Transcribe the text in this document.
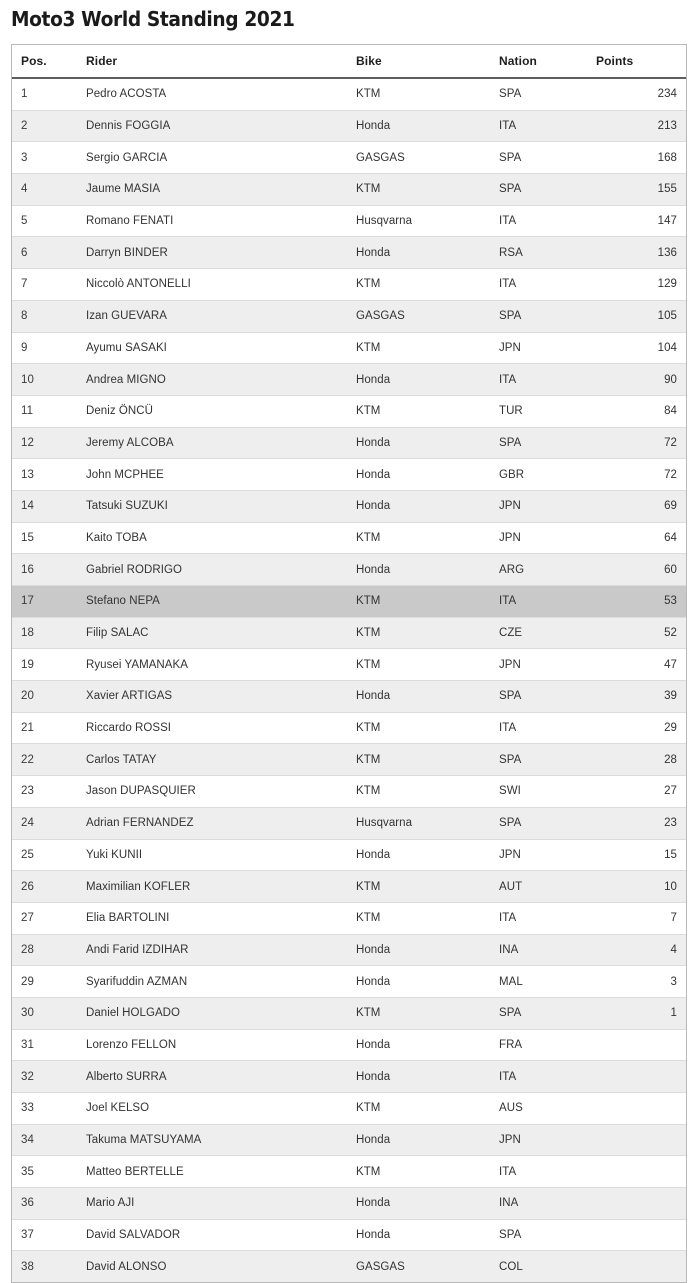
Moto3 World Standing 2021
Pos.	Rider	Bike	Nation	Points
1	Pedro ACOSTA	KTM	SPA	234
2	Dennis FOGGIA	Honda	ITA	213
3	Sergio GARCIA	GASGAS	SPA	168
4	Jaume MASIA	KTM	SPA	155
5	Romano FENATI	Husqvarna	ITA	147
6	Darryn BINDER	Honda	RSA	136
7	Niccolò ANTONELLI	KTM	ITA	129
8	Izan GUEVARA	GASGAS	SPA	105
9	Ayumu SASAKI	KTM	JPN	104
10	Andrea MIGNO	Honda	ITA	90
11	Deniz ÖNCÜ	KTM	TUR	84
12	Jeremy ALCOBA	Honda	SPA	72
13	John MCPHEE	Honda	GBR	72
14	Tatsuki SUZUKI	Honda	JPN	69
15	Kaito TOBA	KTM	JPN	64
16	Gabriel RODRIGO	Honda	ARG	60
17	Stefano NEPA	KTM	ITA	53
18	Filip SALAC	KTM	CZE	52
19	Ryusei YAMANAKA	KTM	JPN	47
20	Xavier ARTIGAS	Honda	SPA	39
21	Riccardo ROSSI	KTM	ITA	29
22	Carlos TATAY	KTM	SPA	28
23	Jason DUPASQUIER	KTM	SWI	27
24	Adrian FERNANDEZ	Husqvarna	SPA	23
25	Yuki KUNII	Honda	JPN	15
26	Maximilian KOFLER	KTM	AUT	10
27	Elia BARTOLINI	KTM	ITA	7
28	Andi Farid IZDIHAR	Honda	INA	4
29	Syarifuddin AZMAN	Honda	MAL	3
30	Daniel HOLGADO	KTM	SPA	1
31	Lorenzo FELLON	Honda	FRA	
32	Alberto SURRA	Honda	ITA	
33	Joel KELSO	KTM	AUS	
34	Takuma MATSUYAMA	Honda	JPN	
35	Matteo BERTELLE	KTM	ITA	
36	Mario AJI	Honda	INA	
37	David SALVADOR	Honda	SPA	
38	David ALONSO	GASGAS	COL	
